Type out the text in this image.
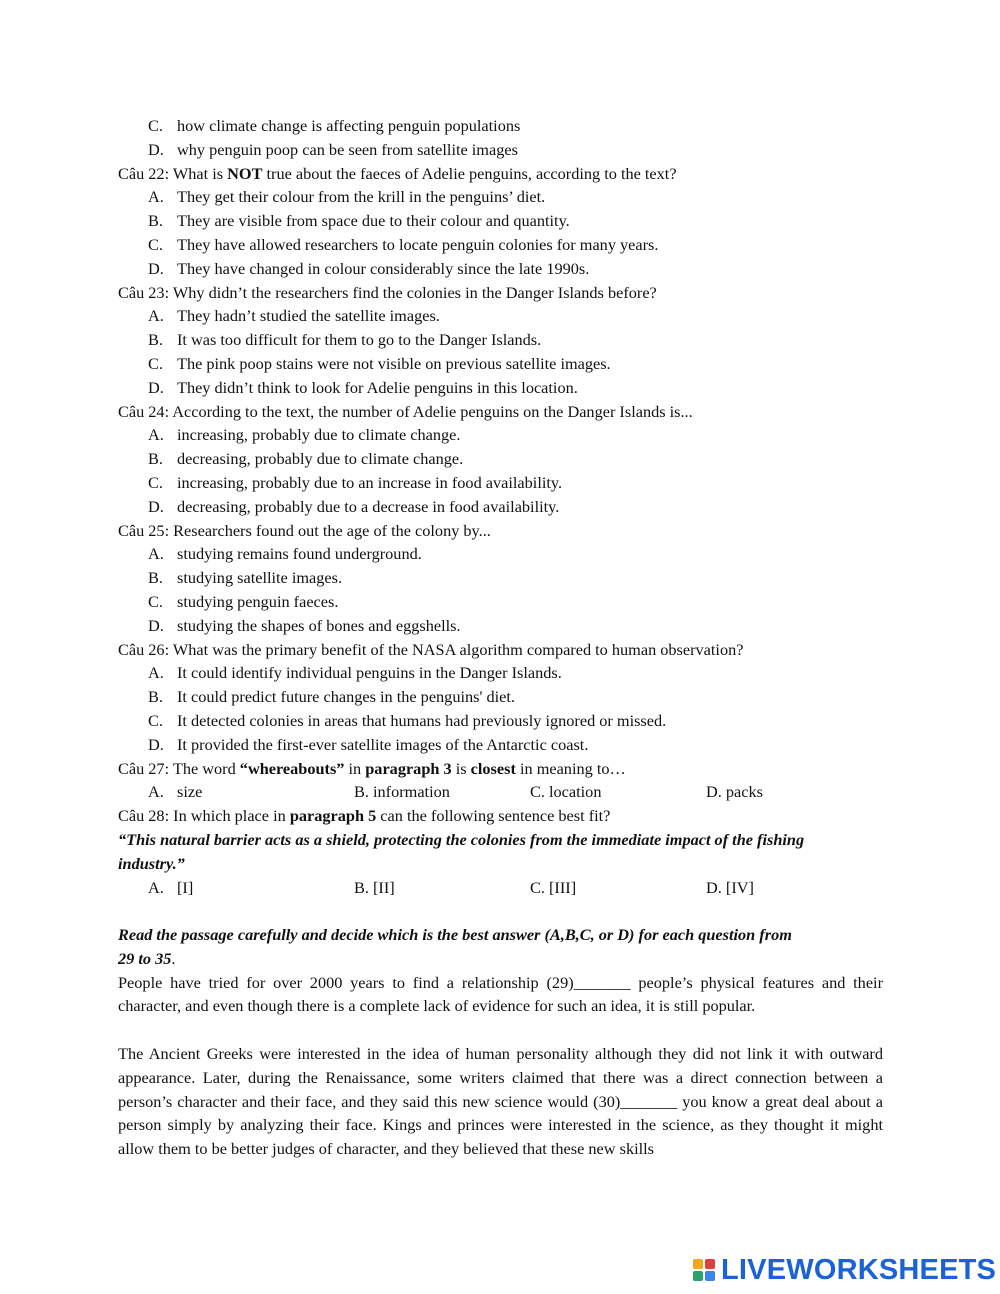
C. how climate change is affecting penguin populations
D. why penguin poop can be seen from satellite images
Câu 22: What is NOT true about the faeces of Adelie penguins, according to the text?
A. They get their colour from the krill in the penguins’ diet.
B. They are visible from space due to their colour and quantity.
C. They have allowed researchers to locate penguin colonies for many years.
D. They have changed in colour considerably since the late 1990s.
Câu 23: Why didn’t the researchers find the colonies in the Danger Islands before?
A. They hadn’t studied the satellite images.
B. It was too difficult for them to go to the Danger Islands.
C. The pink poop stains were not visible on previous satellite images.
D. They didn’t think to look for Adelie penguins in this location.
Câu 24: According to the text, the number of Adelie penguins on the Danger Islands is...
A. increasing, probably due to climate change.
B. decreasing, probably due to climate change.
C. increasing, probably due to an increase in food availability.
D. decreasing, probably due to a decrease in food availability.
Câu 25: Researchers found out the age of the colony by...
A. studying remains found underground.
B. studying satellite images.
C. studying penguin faeces.
D. studying the shapes of bones and eggshells.
Câu 26: What was the primary benefit of the NASA algorithm compared to human observation?
A. It could identify individual penguins in the Danger Islands.
B. It could predict future changes in the penguins' diet.
C. It detected colonies in areas that humans had previously ignored or missed.
D. It provided the first-ever satellite images of the Antarctic coast.
Câu 27: The word “whereabouts” in paragraph 3 is closest in meaning to…
A. size	B. information	C. location	D. packs
Câu 28: In which place in paragraph 5 can the following sentence best fit?
“This natural barrier acts as a shield, protecting the colonies from the immediate impact of the fishing
industry.”
A. [I]	B. [II]	C. [III]	D. [IV]
Read the passage carefully and decide which is the best answer (A,B,C, or D) for each question from
29 to 35.
People have tried for over 2000 years to find a relationship (29)_______ people’s physical features and their character, and even though there is a complete lack of evidence for such an idea, it is still popular.
The Ancient Greeks were interested in the idea of human personality although they did not link it with outward appearance. Later, during the Renaissance, some writers claimed that there was a direct connection between a person’s character and their face, and they said this new science would (30)_______ you know a great deal about a person simply by analyzing their face. Kings and princes were interested in the science, as they thought it might allow them to be better judges of character, and they believed that these new skills
LIVEWORKSHEETS
